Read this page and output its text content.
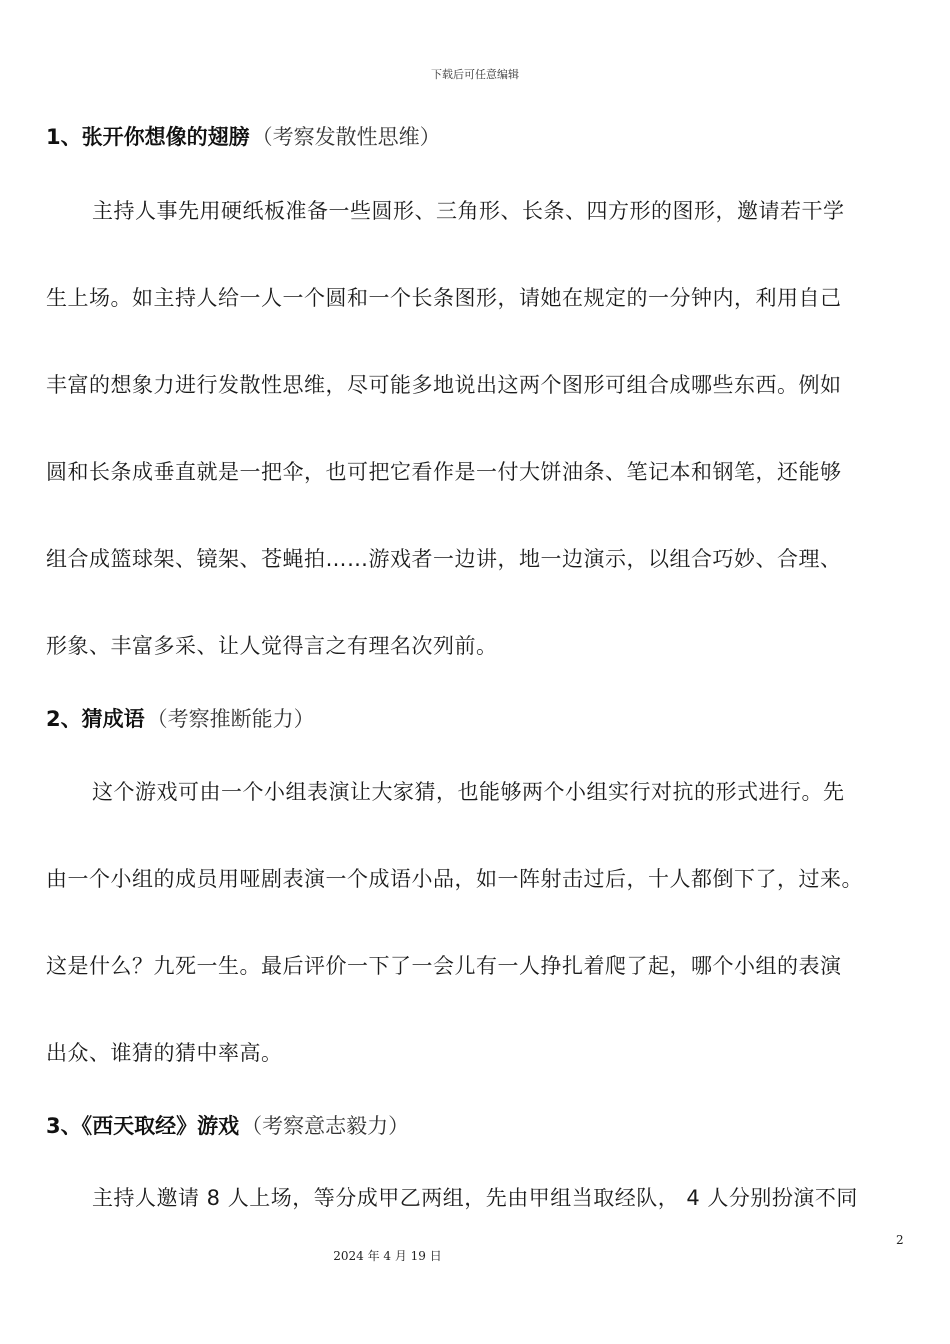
下载后可任意编辑
1、张开你想像的翅膀（考察发散性思维）
主持人事先用硬纸板准备一些圆形、三角形、长条、四方形的图形，邀请若干学
生上场。如主持人给一人一个圆和一个长条图形，请她在规定的一分钟内，利用自己
丰富的想象力进行发散性思维，尽可能多地说出这两个图形可组合成哪些东西。例如
圆和长条成垂直就是一把伞，也可把它看作是一付大饼油条、笔记本和钢笔，还能够
组合成篮球架、镜架、苍蝇拍……游戏者一边讲，地一边演示，以组合巧妙、合理、
形象、丰富多采、让人觉得言之有理名次列前。
2、猜成语（考察推断能力）
这个游戏可由一个小组表演让大家猜，也能够两个小组实行对抗的形式进行。先
由一个小组的成员用哑剧表演一个成语小品，如一阵射击过后，十人都倒下了，过来。
这是什么？九死一生。最后评价一下了一会儿有一人挣扎着爬了起，哪个小组的表演
出众、谁猜的猜中率高。
3、《西天取经》游戏（考察意志毅力）
主持人邀请 8 人上场，等分成甲乙两组，先由甲组当取经队， 4 人分别扮演不同
2
2024 年 4 月 19 日
